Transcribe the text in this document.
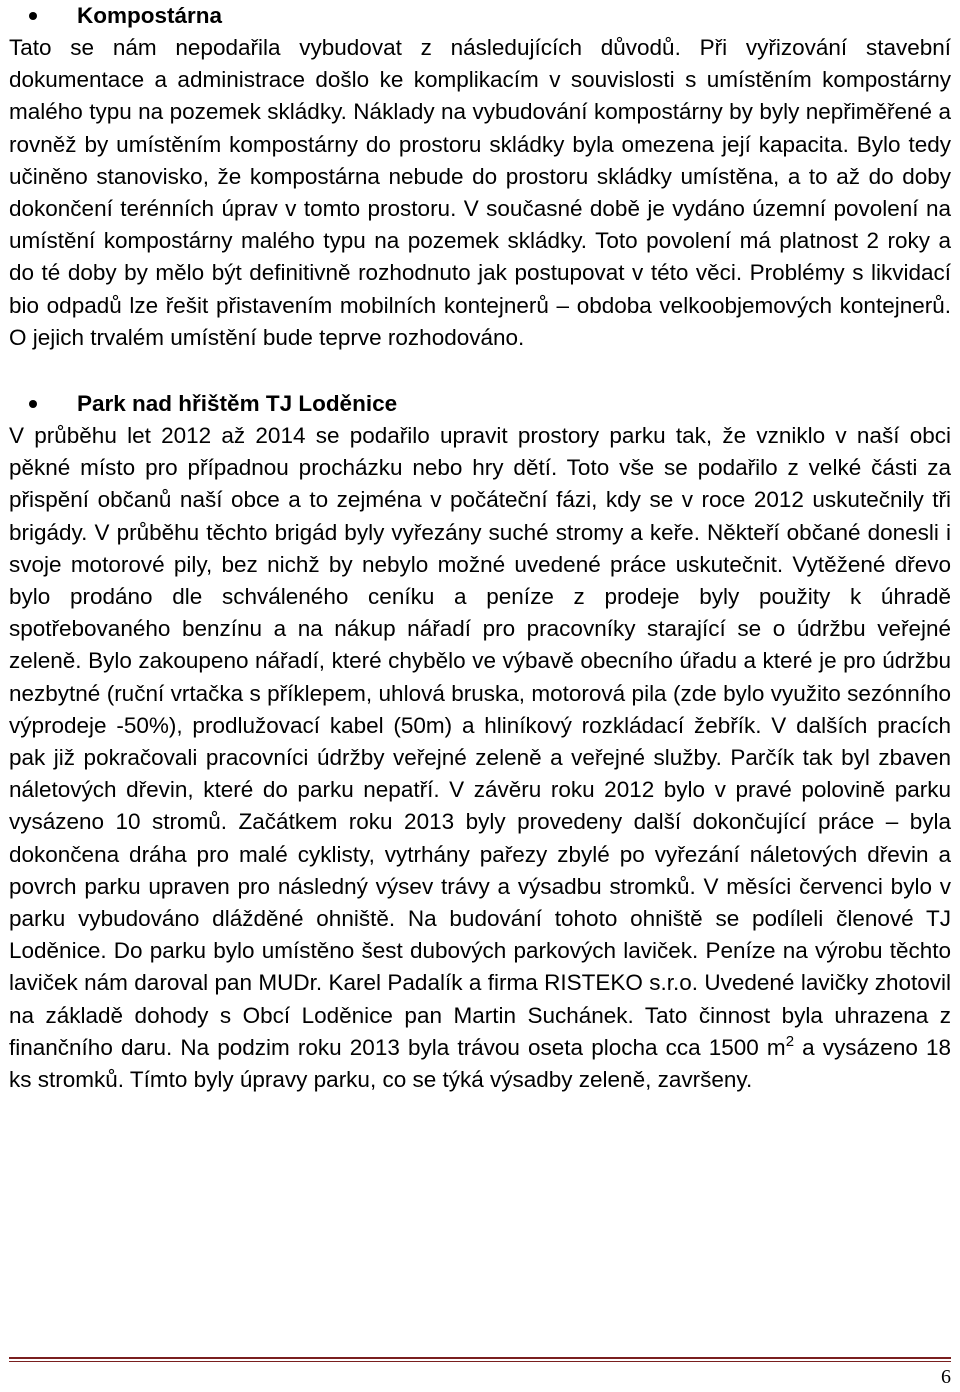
Kompostárna

Tato se nám nepodařila vybudovat z následujících důvodů. Při vyřizování stavební dokumentace a administrace došlo ke komplikacím v souvislosti s umístěním kompostárny malého typu na pozemek skládky. Náklady na vybudování kompostárny by byly nepřiměřené a rovněž by umístěním kompostárny do prostoru skládky byla omezena její kapacita. Bylo tedy učiněno stanovisko, že kompostárna nebude do prostoru skládky umístěna, a to až do doby dokončení terénních úprav v tomto prostoru. V současné době je vydáno územní povolení na umístění kompostárny malého typu na pozemek skládky. Toto povolení má platnost 2 roky a do té doby by mělo být definitivně rozhodnuto jak postupovat v této věci. Problémy s likvidací bio odpadů lze řešit přistavením mobilních kontejnerů – obdoba velkoobjemových kontejnerů. O jejich trvalém umístění bude teprve rozhodováno.

Park nad hřištěm TJ Loděnice

V průběhu let 2012 až 2014 se podařilo upravit prostory parku tak, že vzniklo v naší obci pěkné místo pro případnou procházku nebo hry dětí. Toto vše se podařilo z velké části za přispění občanů naší obce a to zejména v počáteční fázi, kdy se v roce 2012 uskutečnily tři brigády. V průběhu těchto brigád byly vyřezány suché stromy a keře. Někteří občané donesli i svoje motorové pily, bez nichž by nebylo možné uvedené práce uskutečnit. Vytěžené dřevo bylo prodáno dle schváleného ceníku a peníze z prodeje byly použity k úhradě spotřebovaného benzínu a na nákup nářadí pro pracovníky starající se o údržbu veřejné zeleně. Bylo zakoupeno nářadí, které chybělo ve výbavě obecního úřadu a které je pro údržbu nezbytné (ruční vrtačka s příklepem, uhlová bruska, motorová pila (zde bylo využito sezónního výprodeje -50%), prodlužovací kabel (50m) a hliníkový rozkládací žebřík. V dalších pracích pak již pokračovali pracovníci údržby veřejné zeleně a veřejné služby. Parčík tak byl zbaven náletových dřevin, které do parku nepatří. V závěru roku 2012 bylo v pravé polovině parku vysázeno 10 stromů. Začátkem roku 2013 byly provedeny další dokončující práce – byla dokončena dráha pro malé cyklisty, vytrhány pařezy zbylé po vyřezání náletových dřevin a povrch parku upraven pro následný výsev trávy a výsadbu stromků. V měsíci červenci bylo v parku vybudováno dlážděné ohniště. Na budování tohoto ohniště se podíleli členové TJ Loděnice. Do parku bylo umístěno šest dubových parkových laviček. Peníze na výrobu těchto laviček nám daroval pan MUDr. Karel Padalík a firma RISTEKO s.r.o. Uvedené lavičky zhotovil na základě dohody s Obcí Loděnice pan Martin Suchánek. Tato činnost byla uhrazena z finančního daru. Na podzim roku 2013 byla trávou oseta plocha cca 1500 $m^2$ a vysázeno 18 ks stromků. Tímto byly úpravy parku, co se týká výsadby zeleně, završeny.

6
